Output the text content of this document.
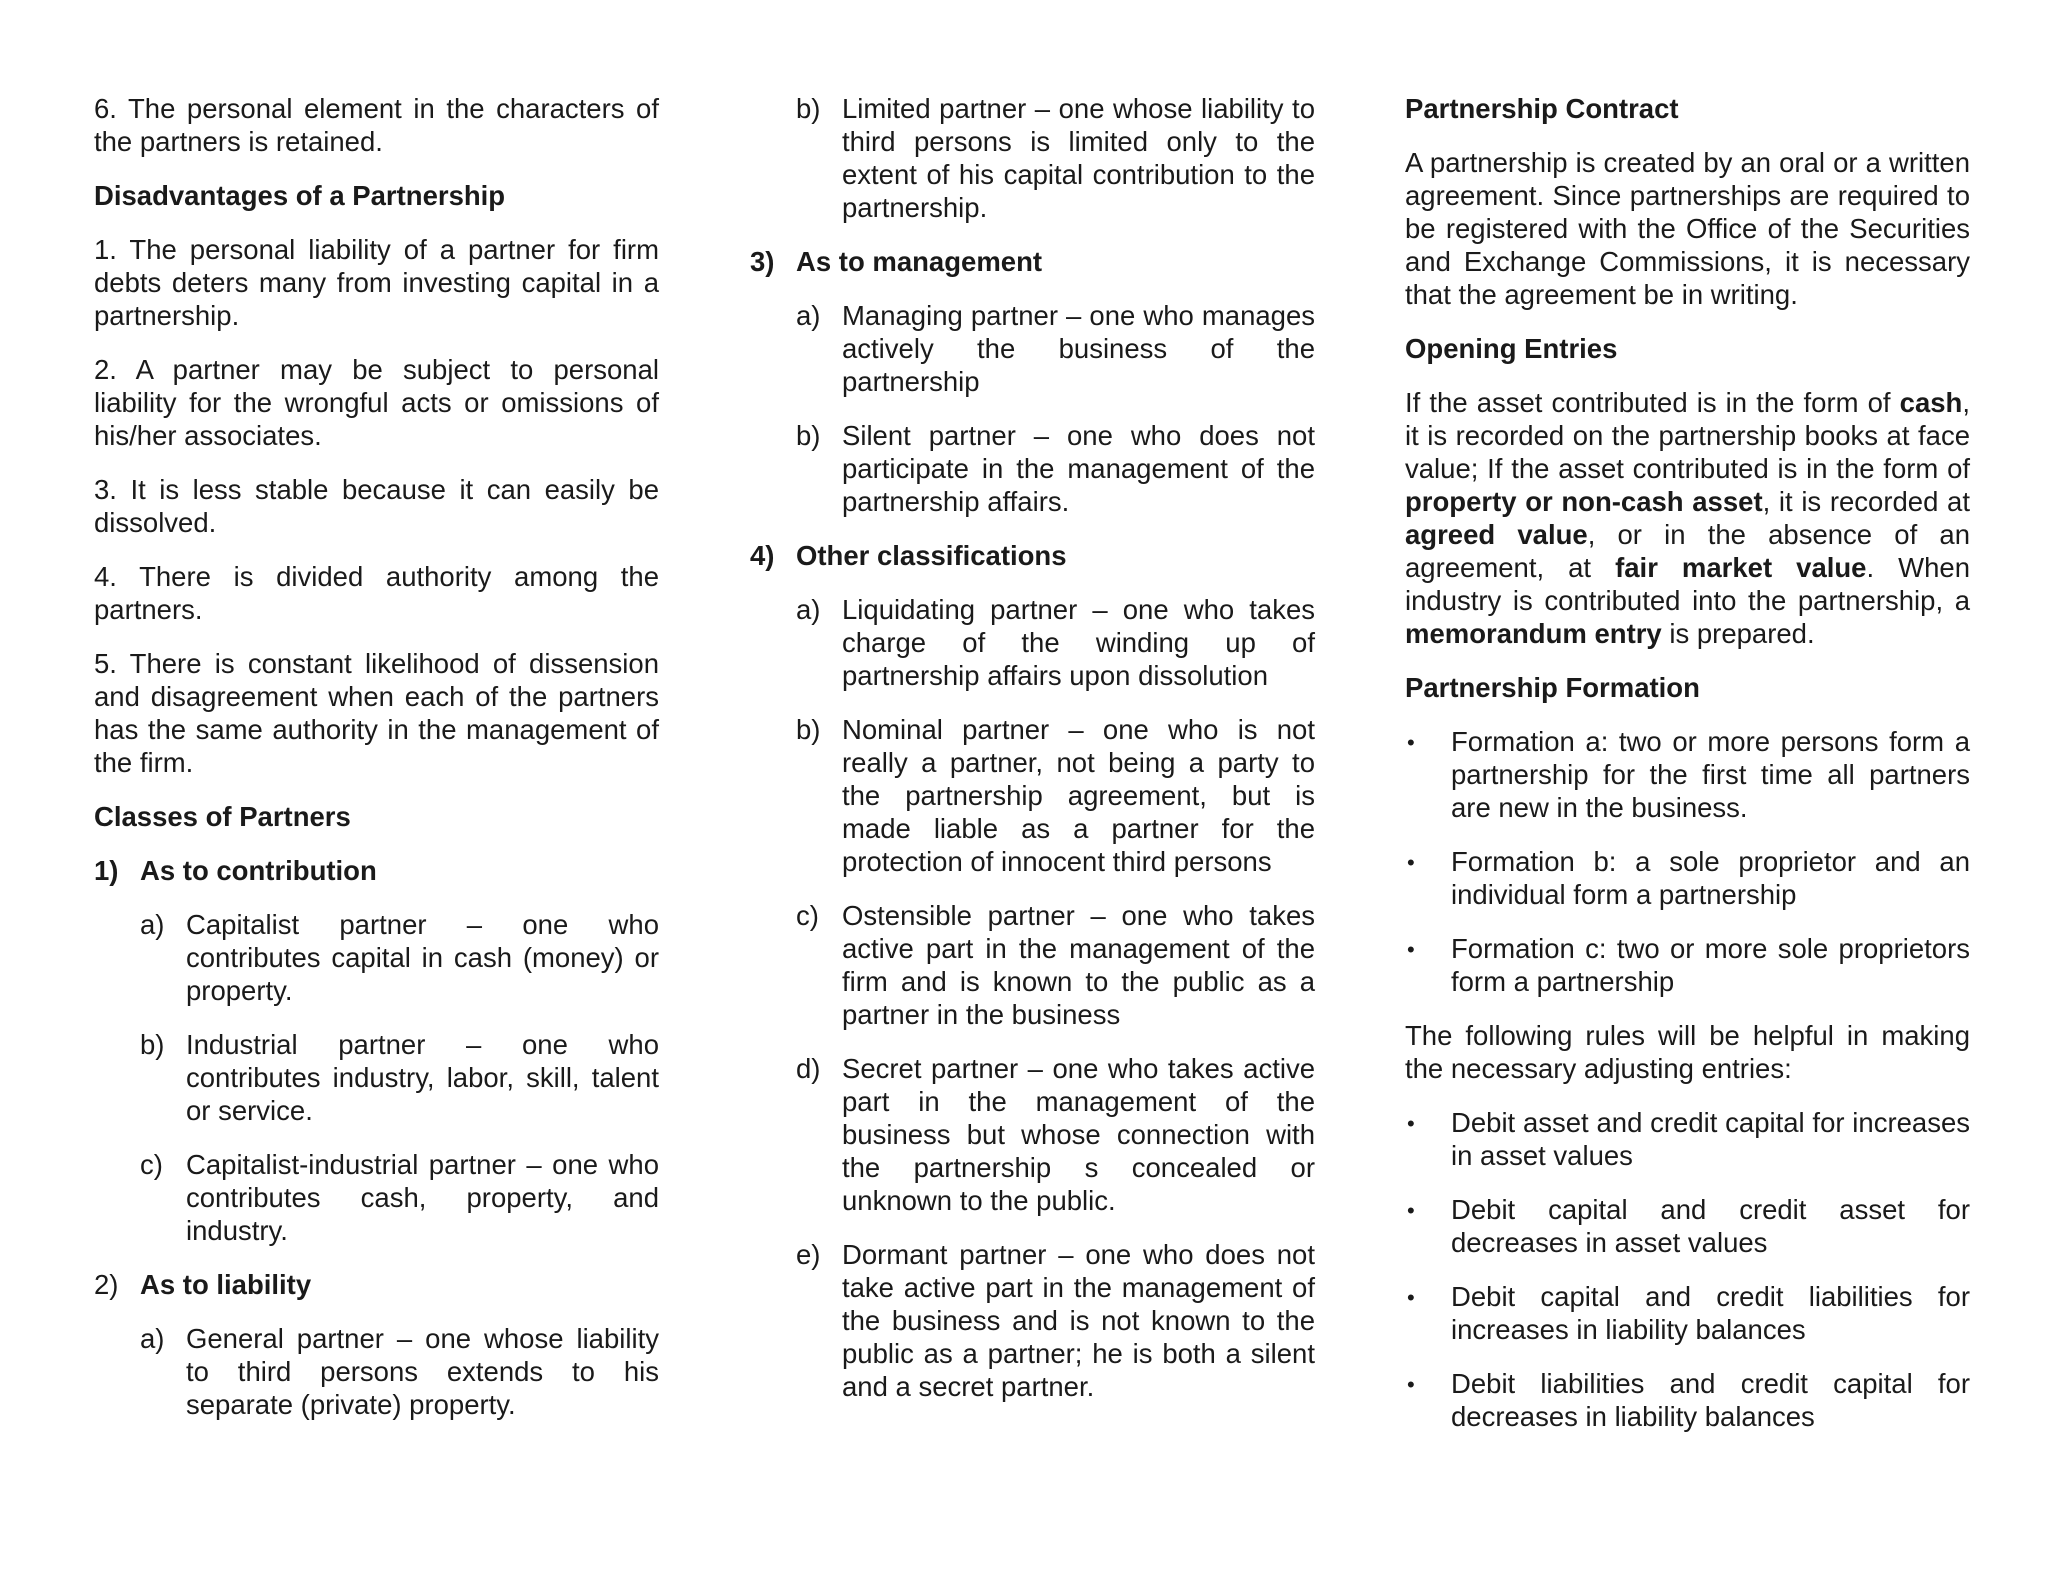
6. The personal element in the characters of the partners is retained.

Disadvantages of a Partnership

1. The personal liability of a partner for firm debts deters many from investing capital in a partnership.

2. A partner may be subject to personal liability for the wrongful acts or omissions of his/her associates.

3. It is less stable because it can easily be dissolved.

4. There is divided authority among the partners.

5. There is constant likelihood of dissension and disagreement when each of the partners has the same authority in the management of the firm.

Classes of Partners
1) As to contribution
a) Capitalist partner – one who contributes capital in cash (money) or property.
b) Industrial partner – one who contributes industry, labor, skill, talent or service.
c) Capitalist-industrial partner – one who contributes cash, property, and industry.
2) As to liability
a) General partner – one whose liability to third persons extends to his separate (private) property.
b) Limited partner – one whose liability to third persons is limited only to the extent of his capital contribution to the partnership.
3) As to management
a) Managing partner – one who manages actively the business of the partnership
b) Silent partner – one who does not participate in the management of the partnership affairs.
4) Other classifications
a) Liquidating partner – one who takes charge of the winding up of partnership affairs upon dissolution
b) Nominal partner – one who is not really a partner, not being a party to the partnership agreement, but is made liable as a partner for the protection of innocent third persons
c) Ostensible partner – one who takes active part in the management of the firm and is known to the public as a partner in the business
d) Secret partner – one who takes active part in the management of the business but whose connection with the partnership s concealed or unknown to the public.
e) Dormant partner – one who does not take active part in the management of the business and is not known to the public as a partner; he is both a silent and a secret partner.
Partnership Contract

A partnership is created by an oral or a written agreement. Since partnerships are required to be registered with the Office of the Securities and Exchange Commissions, it is necessary that the agreement be in writing.

Opening Entries

If the asset contributed is in the form of cash, it is recorded on the partnership books at face value; If the asset contributed is in the form of property or non-cash asset, it is recorded at agreed value, or in the absence of an agreement, at fair market value. When industry is contributed into the partnership, a memorandum entry is prepared.

Partnership Formation
•	Formation a: two or more persons form a partnership for the first time all partners are new in the business.
•	Formation b: a sole proprietor and an individual form a partnership
•	Formation c: two or more sole proprietors form a partnership

The following rules will be helpful in making the necessary adjusting entries:

•	Debit asset and credit capital for increases in asset values
•	Debit capital and credit asset for decreases in asset values
•	Debit capital and credit liabilities for increases in liability balances
•	Debit liabilities and credit capital for decreases in liability balances
